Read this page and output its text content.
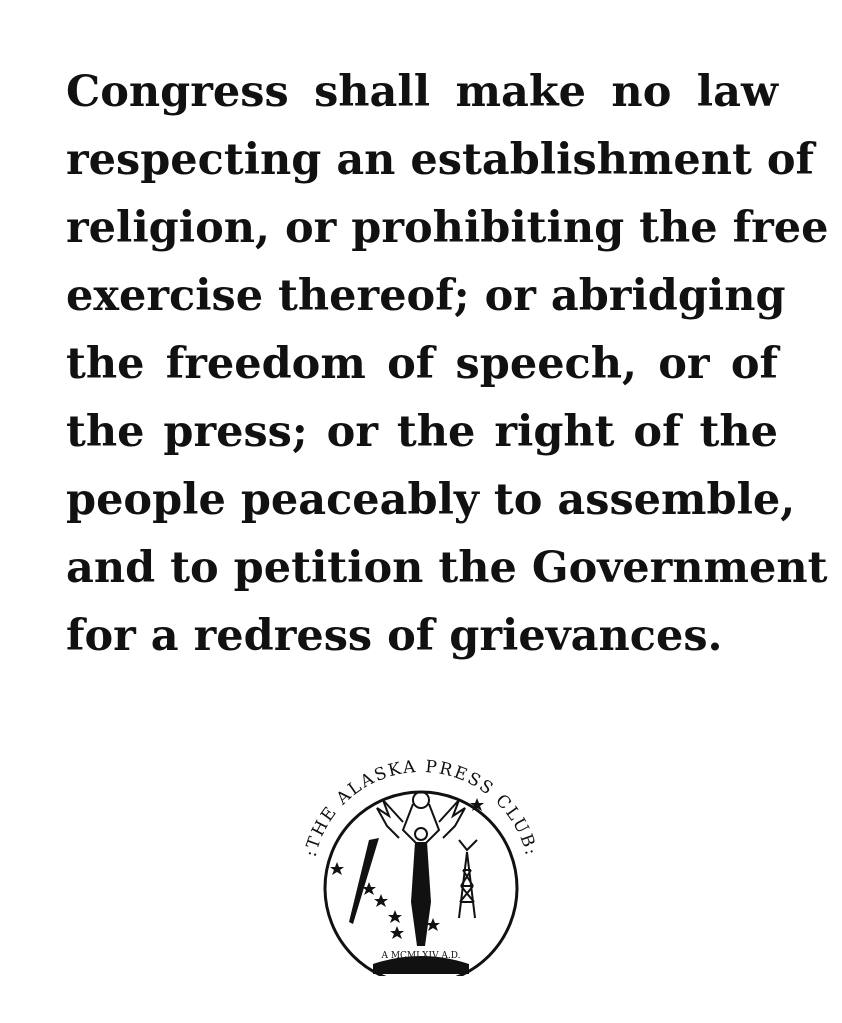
Congress shall make no law
respecting an establishment of
religion, or prohibiting the free
exercise thereof; or abridging
the freedom of speech, or of
the press; or the right of the
people peaceably to assemble,
and to petition the Government
for a redress of grievances.
:THE ALASKA PRESS CLUB:
A MCMLXIV A.D.
